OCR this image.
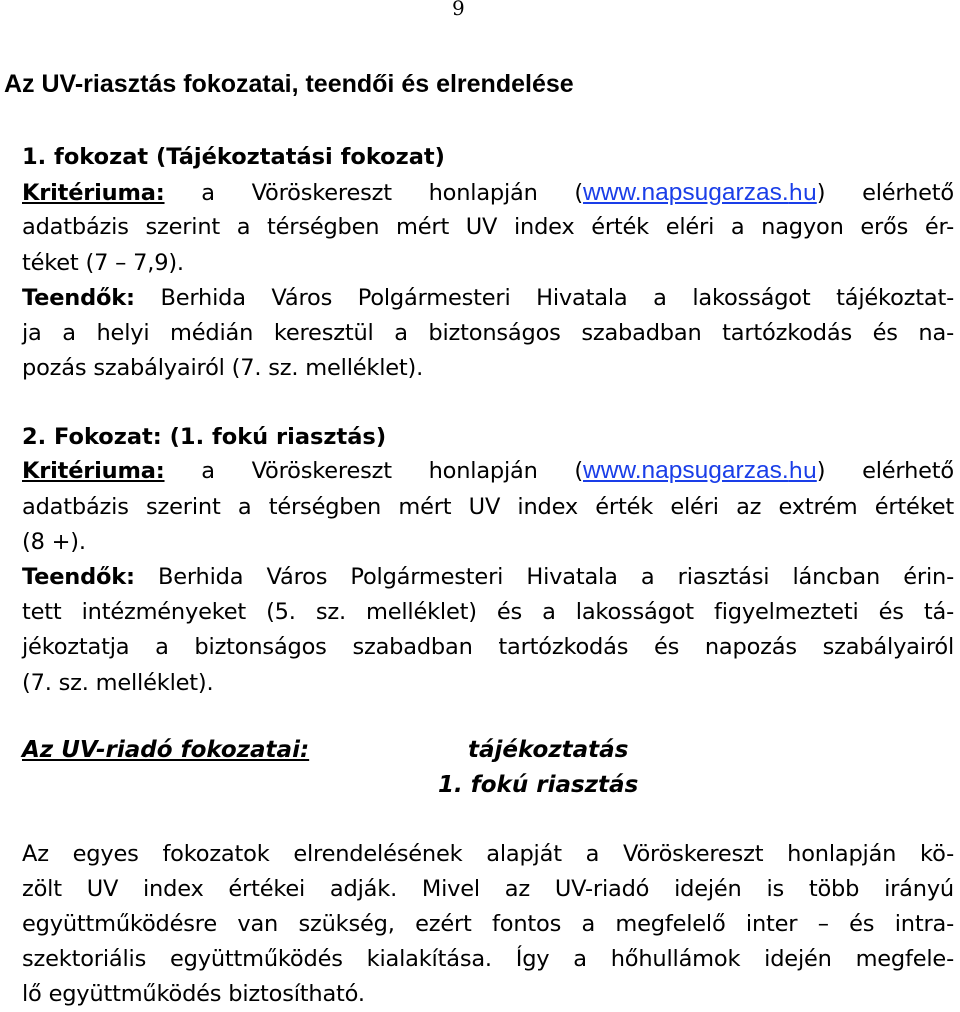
9
Az UV-riasztás fokozatai, teendői és elrendelése
1. fokozat (Tájékoztatási fokozat)
Kritériuma: a Vöröskereszt honlapján (www.napsugarzas.hu) elérhető
adatbázis szerint a térségben mért UV index érték eléri a nagyon erős ér-
téket (7 – 7,9).
Teendők: Berhida Város Polgármesteri Hivatala a lakosságot tájékoztat-
ja a helyi médián keresztül a biztonságos szabadban tartózkodás és na-
pozás szabályairól (7. sz. melléklet).
2. Fokozat: (1. fokú riasztás)
Kritériuma: a Vöröskereszt honlapján (www.napsugarzas.hu) elérhető
adatbázis szerint a térségben mért UV index érték eléri az extrém értéket
(8 +).
Teendők: Berhida Város Polgármesteri Hivatala a riasztási láncban érin-
tett intézményeket (5. sz. melléklet) és a lakosságot figyelmezteti és tá-
jékoztatja a biztonságos szabadban tartózkodás és napozás szabályairól
(7. sz. melléklet).
Az UV-riadó fokozatai:	tájékoztatás
1. fokú riasztás
Az egyes fokozatok elrendelésének alapját a Vöröskereszt honlapján kö-
zölt UV index értékei adják. Mivel az UV-riadó idején is több irányú
együttműködésre van szükség, ezért fontos a megfelelő inter – és intra-
szektoriális együttműködés kialakítása. Így a hőhullámok idején megfele-
lő együttműködés biztosítható.
